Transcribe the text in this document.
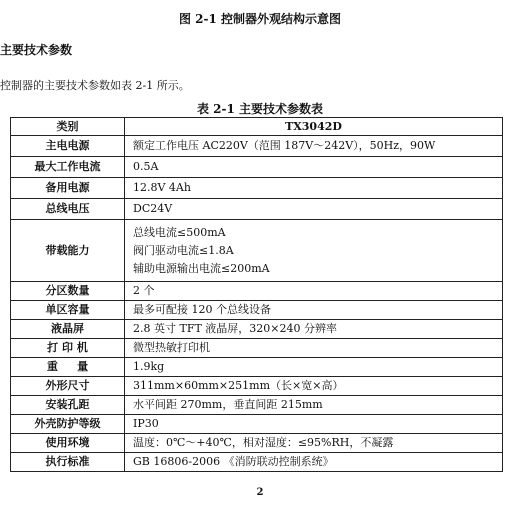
图 2-1 控制器外观结构示意图
主要技术参数
控制器的主要技术参数如表 2-1 所示。
表 2-1 主要技术参数表
类别	TX3042D
主电电源	额定工作电压 AC220V（范围 187V～242V），50Hz，90W
最大工作电流	0.5A
备用电源	12.8V 4Ah
总线电压	DC24V
带载能力	总线电流≤500mA
阀门驱动电流≤1.8A
辅助电源输出电流≤200mA

分区数量	2 个
单区容量	最多可配接 120 个总线设备
液晶屏	2.8 英寸 TFT 液晶屏，320×240 分辨率
打 印 机	微型热敏打印机
重     量	1.9kg
外形尺寸	311mm×60mm×251mm（长×宽×高）
安装孔距	水平间距 270mm，垂直间距 215mm
外壳防护等级	IP30
使用环境	温度：0℃～+40℃，相对湿度：≤95%RH，不凝露
执行标准	GB 16806-2006 《消防联动控制系统》
2
